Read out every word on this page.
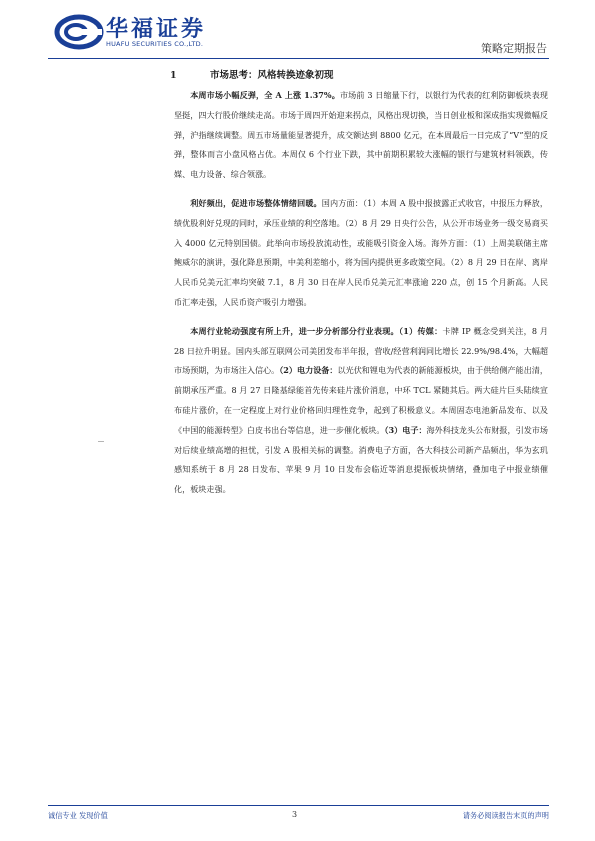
华福证券
HUAFU SECURITIES CO.,LTD.	策略定期报告
1	市场思考：风格转换迹象初现

本周市场小幅反弹，全 A 上涨 1.37%。市场前 3 日缩量下行，以银行为代表的红利防御板块表现坚挺，四大行股价继续走高。市场于周四开始迎来拐点，风格出现切换，当日创业板和深成指实现微幅反弹，沪指继续调整。周五市场量能显著提升，成交额达到 8800 亿元，在本周最后一日完成了“V”型的反弹，整体而言小盘风格占优。本周仅 6 个行业下跌，其中前期积累较大涨幅的银行与建筑材料领跌，传媒、电力设备、综合领涨。

利好频出，促进市场整体情绪回暖。国内方面：（1）本周 A 股中报披露正式收官，中报压力释放，绩优股利好兑现的同时，承压业绩的利空落地。（2）8 月 29 日央行公告，从公开市场业务一级交易商买入 4000 亿元特别国债。此举向市场投放流动性，或能吸引资金入场。海外方面：（1）上周美联储主席鲍威尔的演讲，强化降息预期，中美利差缩小，将为国内提供更多政策空间。（2）8 月 29 日在岸、离岸人民币兑美元汇率均突破 7.1，8 月 30 日在岸人民币兑美元汇率涨逾 220 点，创 15 个月新高。人民币汇率走强，人民币资产吸引力增强。

本周行业轮动强度有所上升，进一步分析部分行业表现。（1）传媒：卡牌 IP 概念受到关注，8 月 28 日拉升明显。国内头部互联网公司美团发布半年报，营收/经营利润同比增长 22.9%/98.4%，大幅超市场预期，为市场注入信心。（2）电力设备：以光伏和锂电为代表的新能源板块，由于供给侧产能出清，前期承压严重。8 月 27 日隆基绿能首先传来硅片涨价消息，中环 TCL 紧随其后。两大硅片巨头陆续宣布硅片涨价，在一定程度上对行业价格回归理性竞争，起到了积极意义。本周固态电池新品发布、以及《中国的能源转型》白皮书出台等信息，进一步催化板块。（3）电子：海外科技龙头公布财报，引发市场对后续业绩高增的担忧，引发 A 股相关标的调整。消费电子方面，各大科技公司新产品频出，华为玄玑感知系统于 8 月 28 日发布、苹果 9 月 10 日发布会临近等消息提振板块情绪，叠加电子中报业绩催化，板块走强。

诚信专业 发现价值	3	请务必阅读报告末页的声明
